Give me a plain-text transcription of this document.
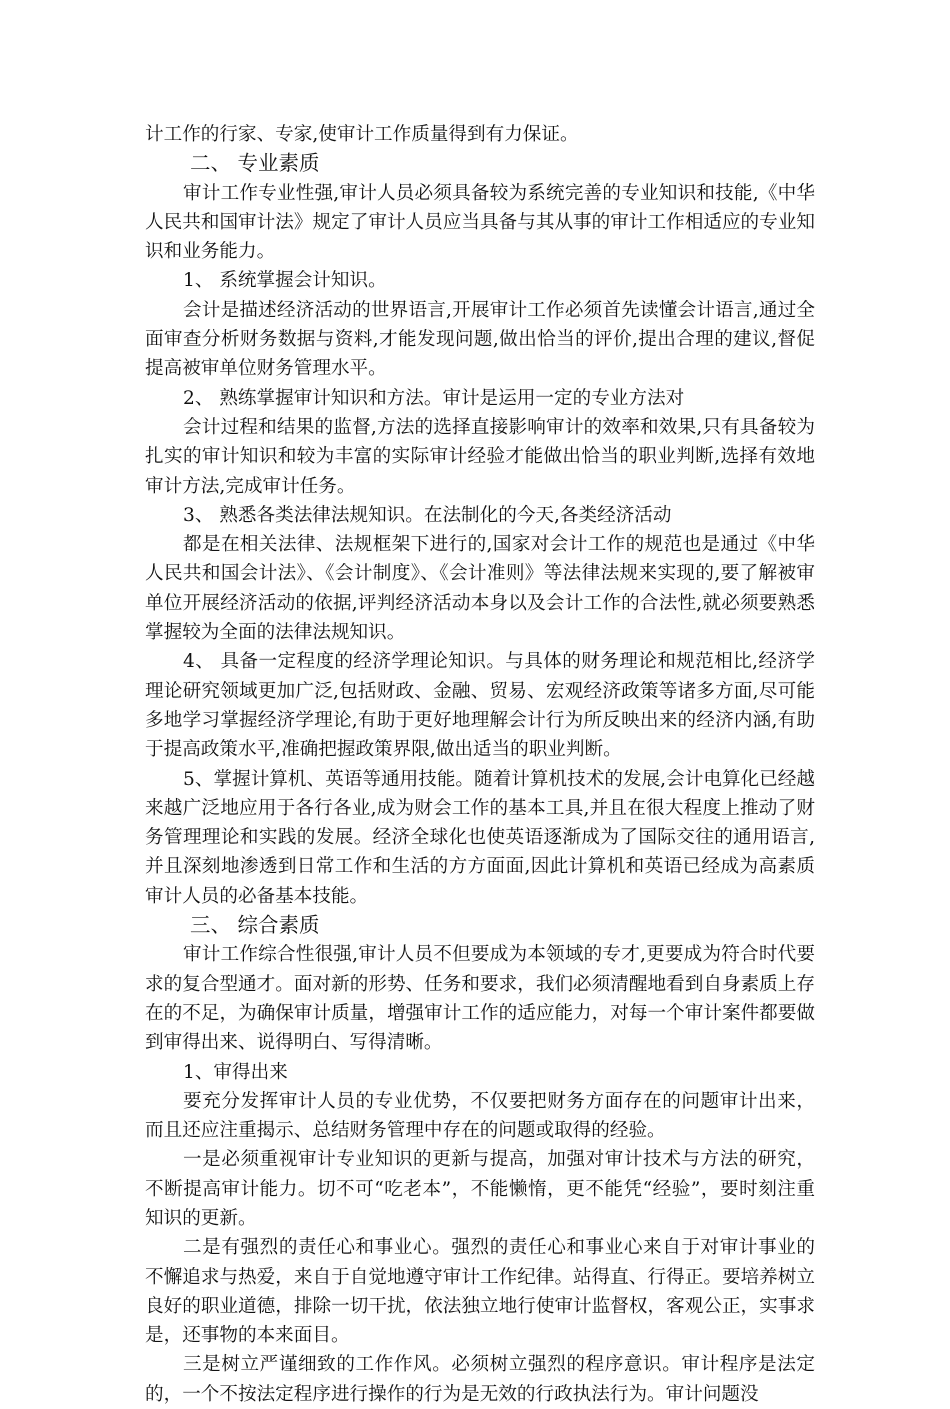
计工作的行家、专家,使审计工作质量得到有力保证。

二、 专业素质

审计工作专业性强,审计人员必须具备较为系统完善的专业知识和技能,《中华人民共和国审计法》规定了审计人员应当具备与其从事的审计工作相适应的专业知识和业务能力。

1、 系统掌握会计知识。

会计是描述经济活动的世界语言,开展审计工作必须首先读懂会计语言,通过全面审查分析财务数据与资料,才能发现问题,做出恰当的评价,提出合理的建议,督促提高被审单位财务管理水平。

2、 熟练掌握审计知识和方法。审计是运用一定的专业方法对

会计过程和结果的监督,方法的选择直接影响审计的效率和效果,只有具备较为扎实的审计知识和较为丰富的实际审计经验才能做出恰当的职业判断,选择有效地审计方法,完成审计任务。

3、 熟悉各类法律法规知识。在法制化的今天,各类经济活动

都是在相关法律、法规框架下进行的,国家对会计工作的规范也是通过《中华人民共和国会计法》、《会计制度》、《会计准则》等法律法规来实现的,要了解被审单位开展经济活动的依据,评判经济活动本身以及会计工作的合法性,就必须要熟悉掌握较为全面的法律法规知识。

4、 具备一定程度的经济学理论知识。与具体的财务理论和规范相比,经济学理论研究领域更加广泛,包括财政、金融、贸易、宏观经济政策等诸多方面,尽可能多地学习掌握经济学理论,有助于更好地理解会计行为所反映出来的经济内涵,有助于提高政策水平,准确把握政策界限,做出适当的职业判断。

5、掌握计算机、英语等通用技能。随着计算机技术的发展,会计电算化已经越来越广泛地应用于各行各业,成为财会工作的基本工具,并且在很大程度上推动了财务管理理论和实践的发展。经济全球化也使英语逐渐成为了国际交往的通用语言,并且深刻地渗透到日常工作和生活的方方面面,因此计算机和英语已经成为高素质审计人员的必备基本技能。

三、 综合素质

审计工作综合性很强,审计人员不但要成为本领域的专才,更要成为符合时代要求的复合型通才。面对新的形势、任务和要求，我们必须清醒地看到自身素质上存在的不足，为确保审计质量，增强审计工作的适应能力，对每一个审计案件都要做到审得出来、说得明白、写得清晰。

1、审得出来

要充分发挥审计人员的专业优势，不仅要把财务方面存在的问题审计出来，而且还应注重揭示、总结财务管理中存在的问题或取得的经验。

一是必须重视审计专业知识的更新与提高，加强对审计技术与方法的研究，不断提高审计能力。切不可“吃老本”，不能懒惰，更不能凭“经验”，要时刻注重知识的更新。

二是有强烈的责任心和事业心。强烈的责任心和事业心来自于对审计事业的不懈追求与热爱，来自于自觉地遵守审计工作纪律。站得直、行得正。要培养树立良好的职业道德，排除一切干扰，依法独立地行使审计监督权，客观公正，实事求是，还事物的本来面目。

三是树立严谨细致的工作作风。必须树立强烈的程序意识。审计程序是法定的，一个不按法定程序进行操作的行为是无效的行政执法行为。审计问题没
